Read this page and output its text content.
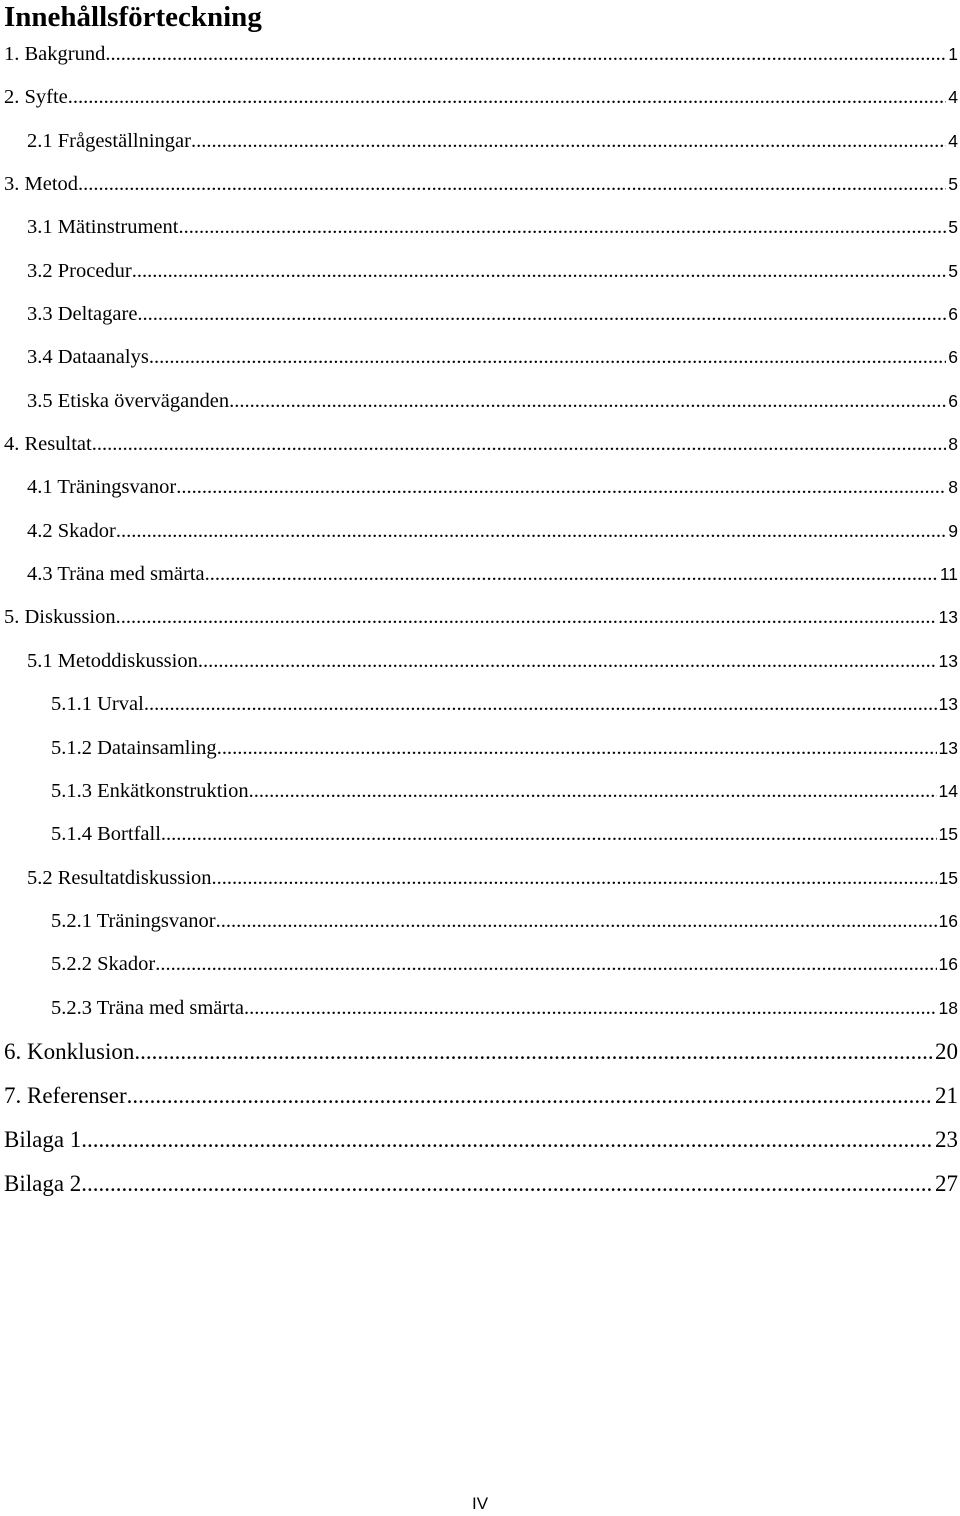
Innehållsförteckning
1. Bakgrund .....	1
2. Syfte .....	4
2.1 Frågeställningar .....	4
3. Metod .....	5
3.1 Mätinstrument .....	5
3.2 Procedur .....	5
3.3 Deltagare .....	6
3.4 Dataanalys .....	6
3.5 Etiska överväganden .....	6
4. Resultat .....	8
4.1 Träningsvanor .....	8
4.2 Skador .....	9
4.3 Träna med smärta .....	11
5. Diskussion .....	13
5.1 Metoddiskussion .....	13
5.1.1 Urval .....	13
5.1.2 Datainsamling .....	13
5.1.3 Enkätkonstruktion .....	14
5.1.4 Bortfall .....	15
5.2 Resultatdiskussion .....	15
5.2.1 Träningsvanor .....	16
5.2.2 Skador .....	16
5.2.3 Träna med smärta .....	18
6. Konklusion .....	20
7. Referenser .....	21
Bilaga 1 .....	23
Bilaga 2 .....	27
IV
